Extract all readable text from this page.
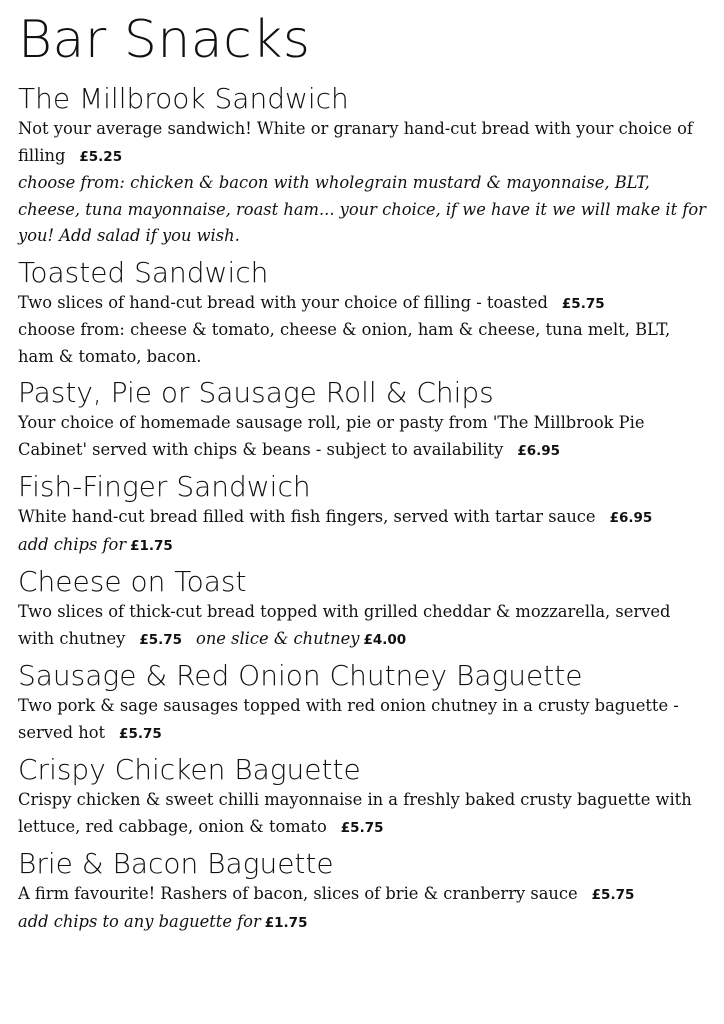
Bar Snacks
The Millbrook Sandwich

Not your average sandwich! White or granary hand-cut bread with your choice of filling £5.25

choose from: chicken & bacon with wholegrain mustard & mayonnaise, BLT, cheese, tuna mayonnaise, roast ham... your choice, if we have it we will make it for you! Add salad if you wish.

Toasted Sandwich

Two slices of hand-cut bread with your choice of filling - toasted £5.75

choose from: cheese & tomato, cheese & onion, ham & cheese, tuna melt, BLT, ham & tomato, bacon.

Pasty, Pie or Sausage Roll & Chips

Your choice of homemade sausage roll, pie or pasty from 'The Millbrook Pie Cabinet' served with chips & beans - subject to availability £6.95

Fish-Finger Sandwich

White hand-cut bread filled with fish fingers, served with tartar sauce £6.95

add chips for £1.75

Cheese on Toast

Two slices of thick-cut bread topped with grilled cheddar & mozzarella, served with chutney £5.75 one slice & chutney £4.00

Sausage & Red Onion Chutney Baguette

Two pork & sage sausages topped with red onion chutney in a crusty baguette - served hot £5.75

Crispy Chicken Baguette

Crispy chicken & sweet chilli mayonnaise in a freshly baked crusty baguette with lettuce, red cabbage, onion & tomato £5.75

Brie & Bacon Baguette

A firm favourite! Rashers of bacon, slices of brie & cranberry sauce £5.75

add chips to any baguette for £1.75
